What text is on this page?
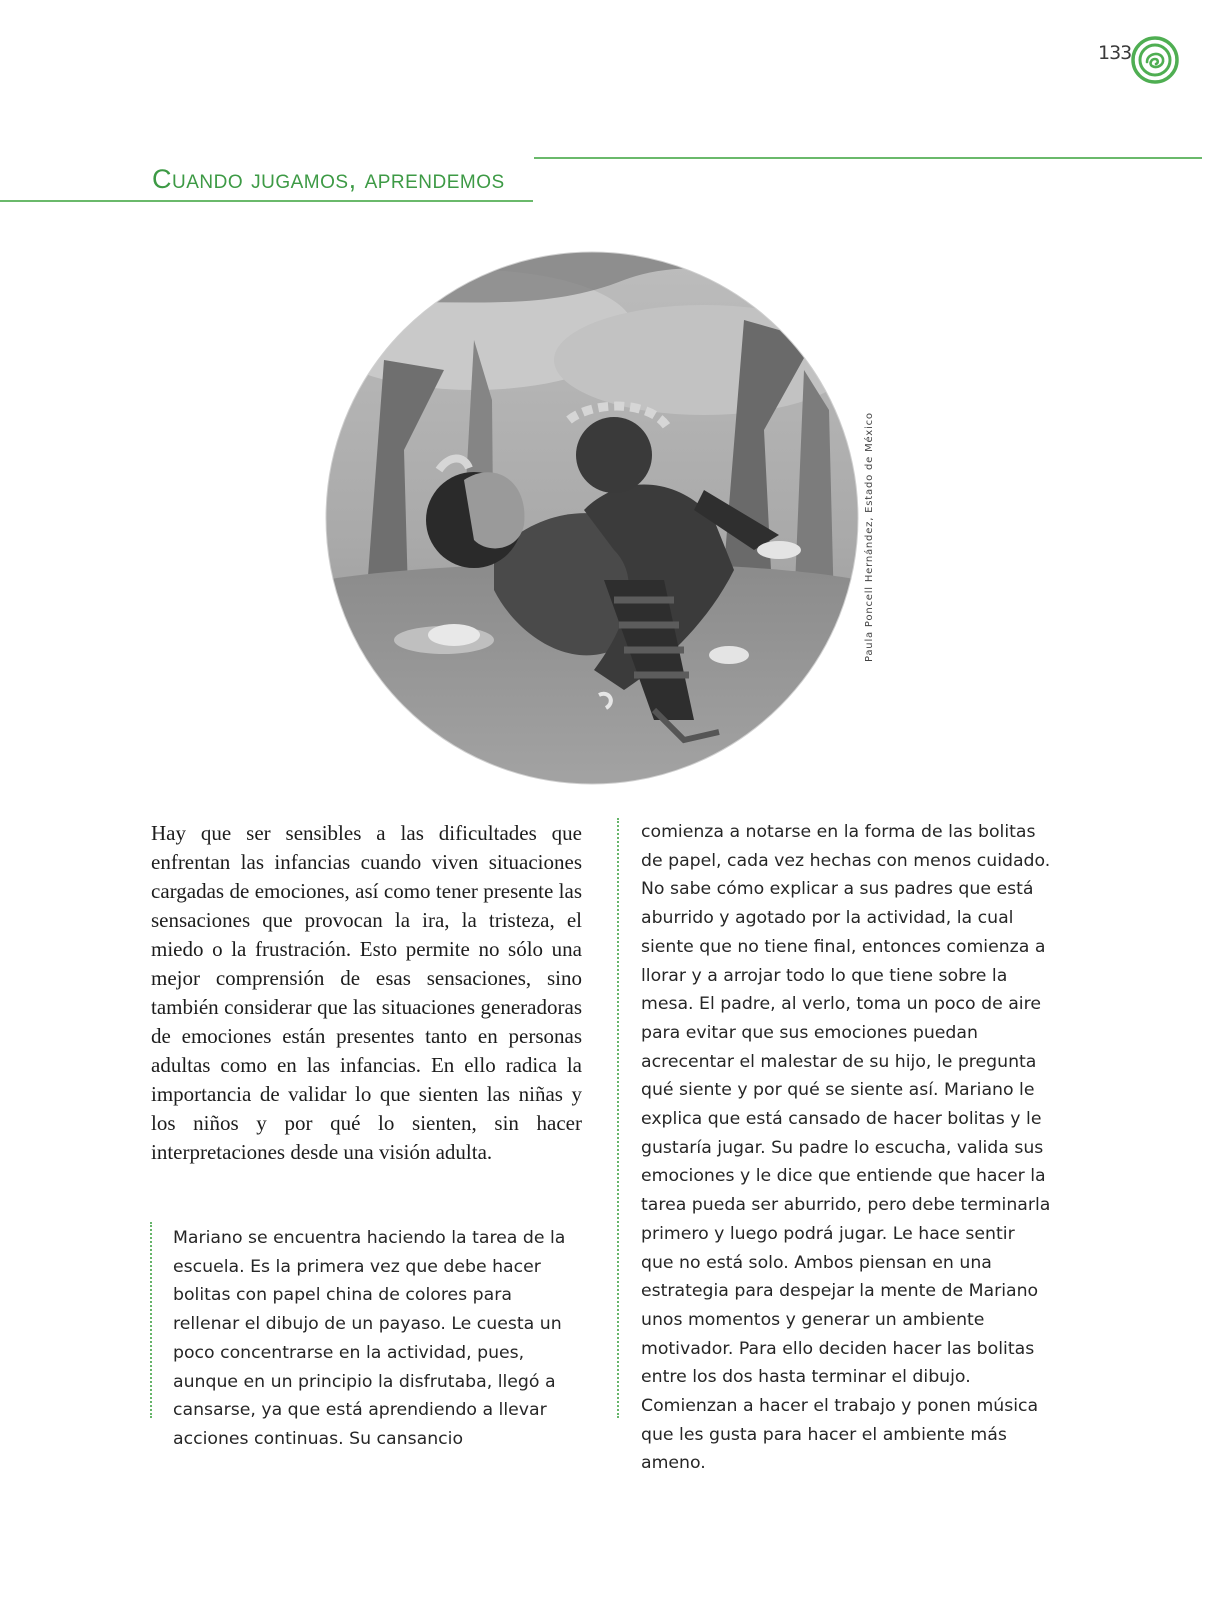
133
Cuando jugamos, aprendemos
Paula Poncell Hernández, Estado de México

Hay que ser sensibles a las dificultades que enfrentan las infancias cuando viven situaciones cargadas de emociones, así como tener presente las sensaciones que provocan la ira, la tristeza, el miedo o la frustración. Esto permite no sólo una mejor comprensión de esas sensaciones, sino también considerar que las situaciones generadoras de emociones están presentes tanto en personas adultas como en las infancias. En ello radica la importancia de validar lo que sienten las niñas y los niños y por qué lo sienten, sin hacer interpretaciones desde una visión adulta.

Mariano se encuentra haciendo la tarea de la escuela. Es la primera vez que debe hacer bolitas con papel china de colores para rellenar el dibujo de un payaso. Le cuesta un poco concentrarse en la actividad, pues, aunque en un principio la disfrutaba, llegó a cansarse, ya que está aprendiendo a llevar acciones continuas. Su cansancio

comienza a notarse en la forma de las bolitas de papel, cada vez hechas con menos cuidado. No sabe cómo explicar a sus padres que está aburrido y agotado por la actividad, la cual siente que no tiene final, entonces comienza a llorar y a arrojar todo lo que tiene sobre la mesa. El padre, al verlo, toma un poco de aire para evitar que sus emociones puedan acrecentar el malestar de su hijo, le pregunta qué siente y por qué se siente así. Mariano le explica que está cansado de hacer bolitas y le gustaría jugar. Su padre lo escucha, valida sus emociones y le dice que entiende que hacer la tarea pueda ser aburrido, pero debe terminarla primero y luego podrá jugar. Le hace sentir que no está solo. Ambos piensan en una estrategia para despejar la mente de Mariano unos momentos y generar un ambiente motivador. Para ello deciden hacer las bolitas entre los dos hasta terminar el dibujo. Comienzan a hacer el trabajo y ponen música que les gusta para hacer el ambiente más ameno.
